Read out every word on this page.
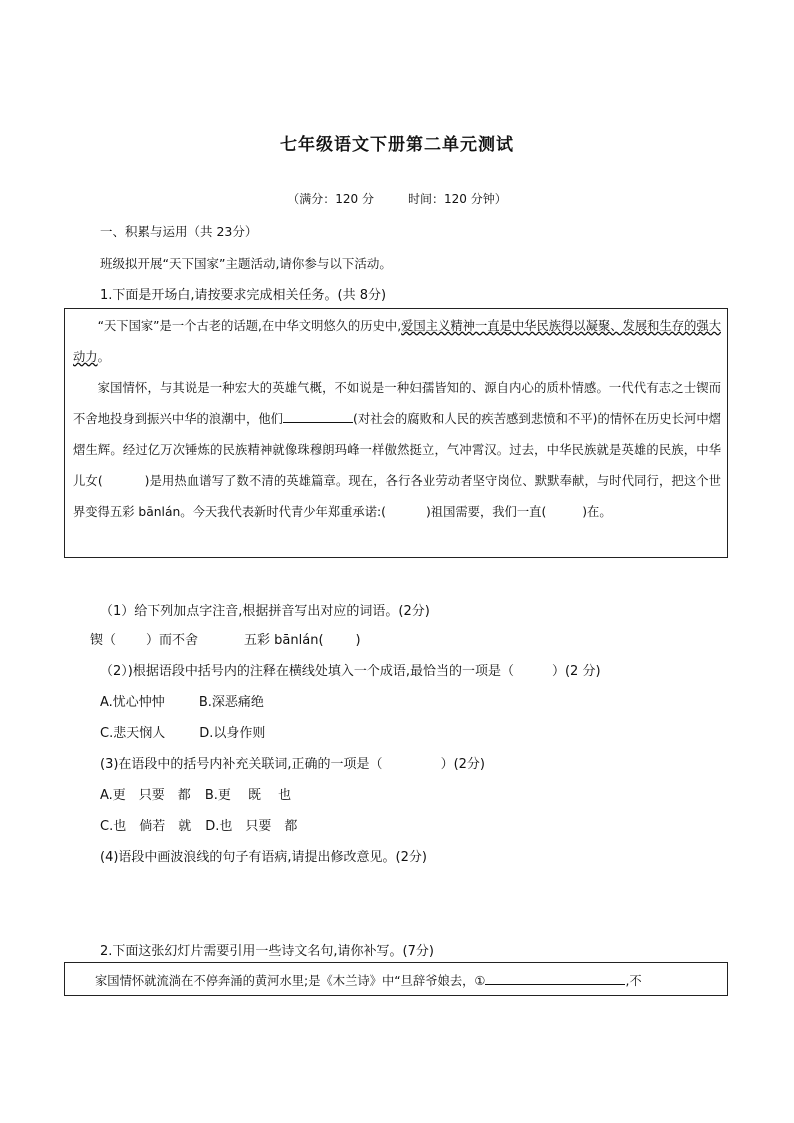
七年级语文下册第二单元测试
（满分：120 分	时间：120 分钟）
一、积累与运用（共 23分）
班级拟开展“天下国家”主题活动,请你参与以下活动。
1.下面是开场白,请按要求完成相关任务。(共 8分)
“天下国家”是一个古老的话题,在中华文明悠久的历史中,爱国主义精神一直是中华民族得以凝聚、发展和生存的强大动力。
家国情怀，与其说是一种宏大的英雄气概，不如说是一种妇孺皆知的、源自内心的质朴情感。一代代有志之士锲而不舍地投身到振兴中华的浪潮中，他们	(对社会的腐败和人民的疾苦感到悲愤和不平)的情怀在历史长河中熠熠生辉。经过亿万次锤炼的民族精神就像珠穆朗玛峰一样傲然挺立，气冲霄汉。过去，中华民族就是英雄的民族，中华儿女(	)是用热血谱写了数不清的英雄篇章。现在，各行各业劳动者坚守岗位、默默奉献，与时代同行，把这个世界变得五彩 bānlán。今天我代表新时代青少年郑重承诺:(	)祖国需要，我们一直(	)在。
（1）给下列加点字注音,根据拼音写出对应的词语。(2分)
锲（ ）而不舍	五彩 bānlán( )
（2）)根据语段中括号内的注释在横线处填入一个成语,最恰当的一项是（	）(2 分)
A.忧心忡忡	B.深恶痛绝
C.悲天悯人	D.以身作则
(3)在语段中的括号内补充关联词,正确的一项是（	）(2分)
A.更　只要　都 B.更　 既　 也
C.也　倘若　就 D.也　只要　都
(4)语段中画波浪线的句子有语病,请提出修改意见。(2分)
2.下面这张幻灯片需要引用一些诗文名句,请你补写。(7分)
家国情怀就流淌在不停奔涌的黄河水里;是《木兰诗》中“旦辞爷娘去，①	,不
